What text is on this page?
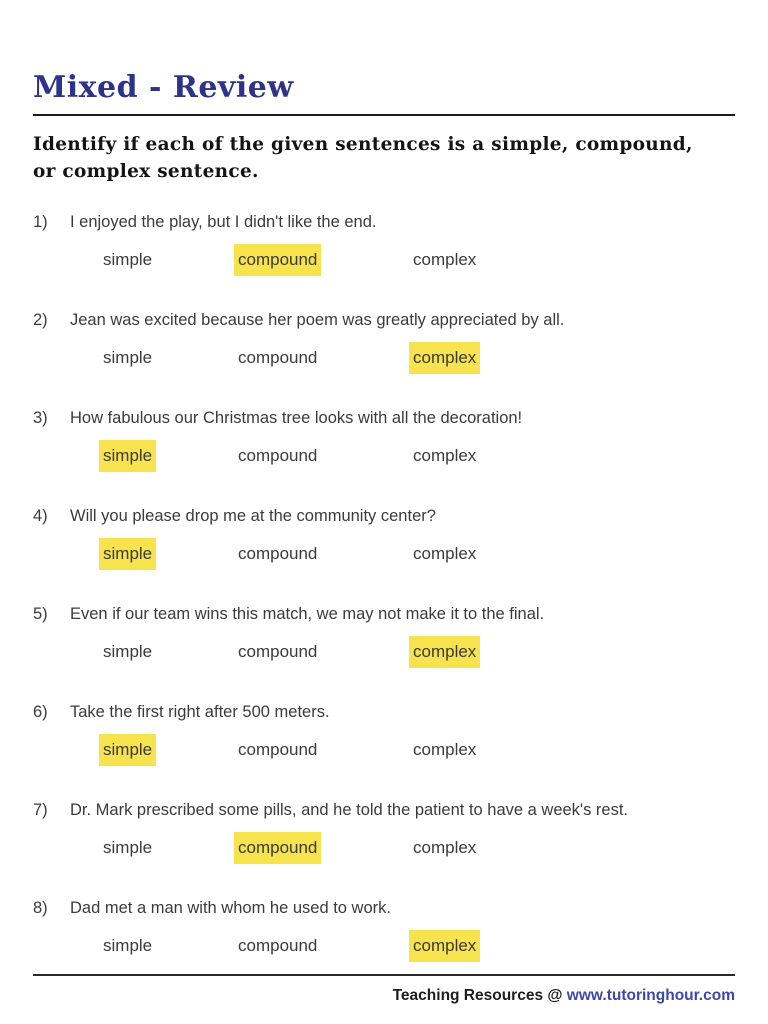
Mixed - Review

Identify if each of the given sentences is a simple, compound,
or complex sentence.

1)	I enjoyed the play, but I didn't like the end.
simple	compound	complex
2)	Jean was excited because her poem was greatly appreciated by all.
simple	compound	complex
3)	How fabulous our Christmas tree looks with all the decoration!
simple	compound	complex
4)	Will you please drop me at the community center?
simple	compound	complex
5)	Even if our team wins this match, we may not make it to the final.
simple	compound	complex
6)	Take the first right after 500 meters.
simple	compound	complex
7)	Dr. Mark prescribed some pills, and he told the patient to have a week's rest.
simple	compound	complex
8)	Dad met a man with whom he used to work.
simple	compound	complex
Teaching Resources @ www.tutoringhour.com
